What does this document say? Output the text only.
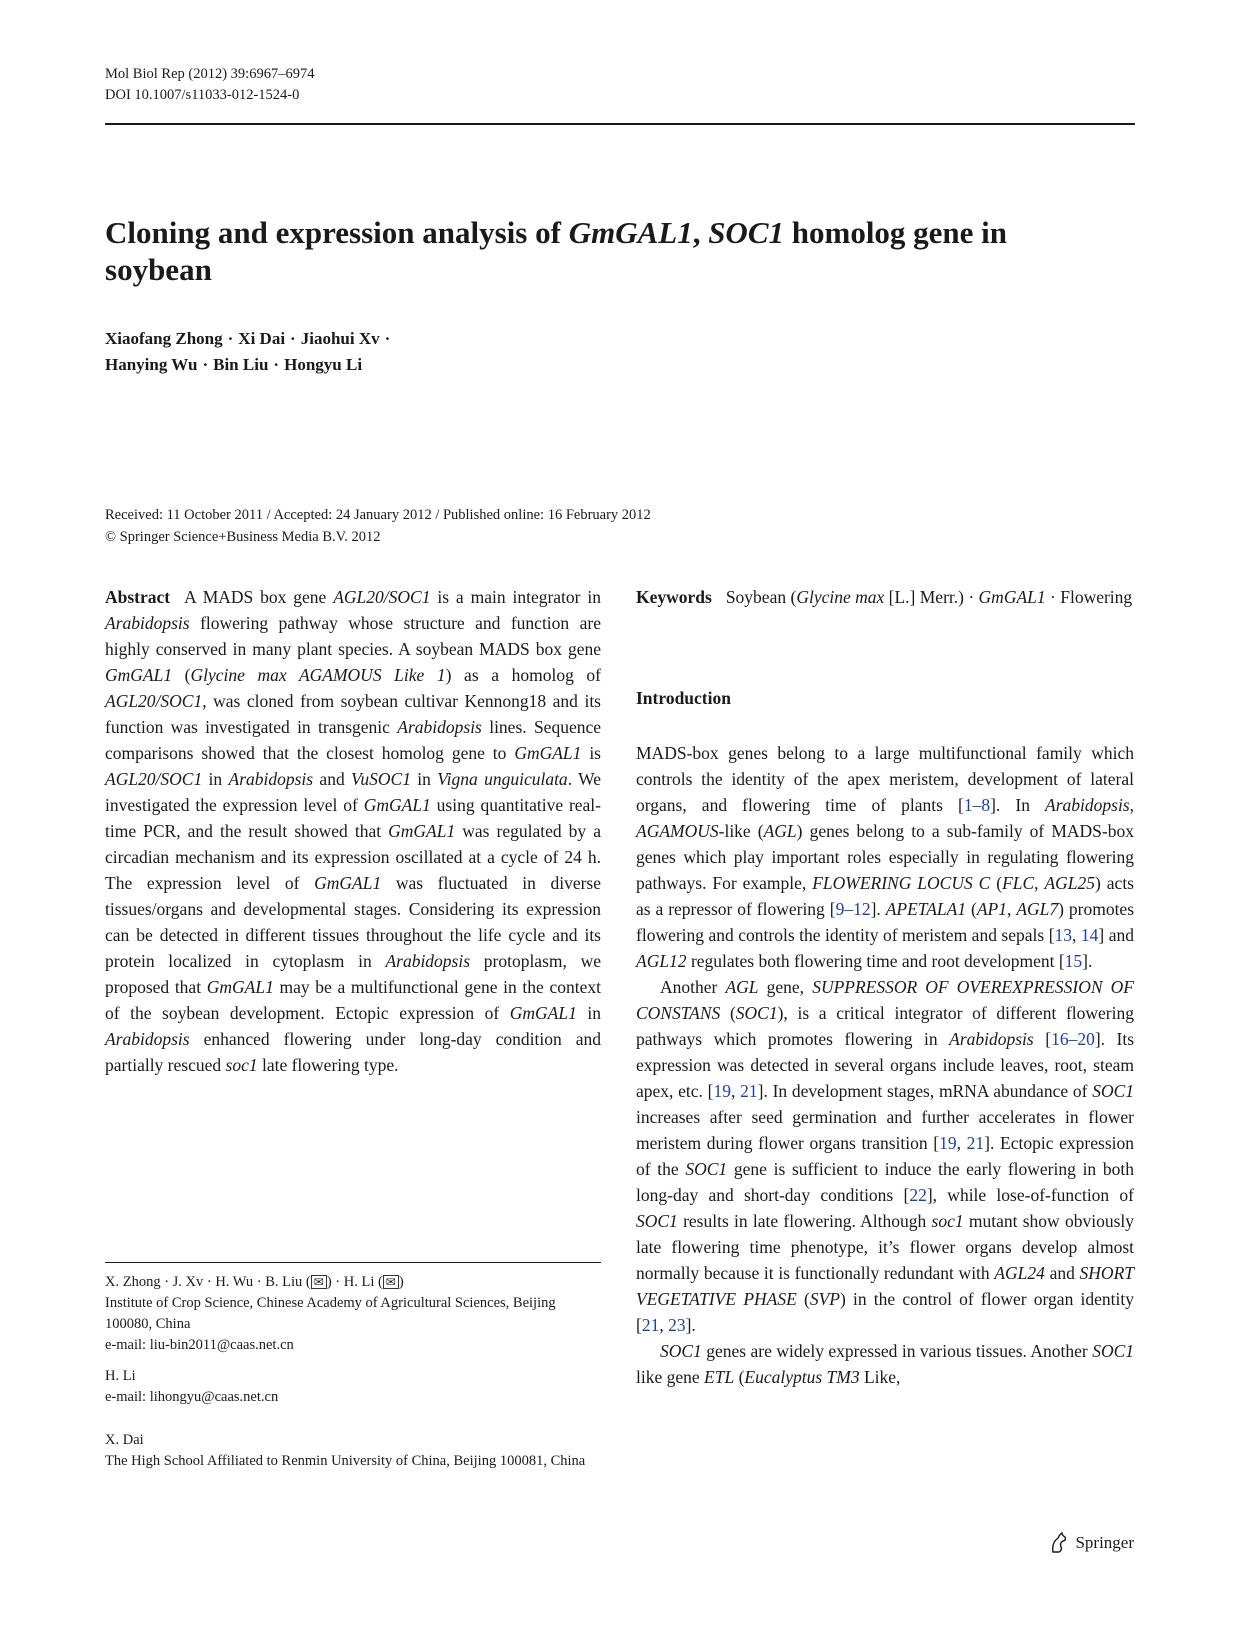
Mol Biol Rep (2012) 39:6967–6974
DOI 10.1007/s11033-012-1524-0
Cloning and expression analysis of GmGAL1, SOC1 homolog gene in soybean
Xiaofang Zhong · Xi Dai · Jiaohui Xv ·
Hanying Wu · Bin Liu · Hongyu Li
Received: 11 October 2011 / Accepted: 24 January 2012 / Published online: 16 February 2012
© Springer Science+Business Media B.V. 2012

Abstract A MADS box gene AGL20/SOC1 is a main integrator in Arabidopsis flowering pathway whose structure and function are highly conserved in many plant species. A soybean MADS box gene GmGAL1 (Glycine max AGAMOUS Like 1) as a homolog of AGL20/SOC1, was cloned from soybean cultivar Kennong18 and its function was investigated in transgenic Arabidopsis lines. Sequence comparisons showed that the closest homolog gene to GmGAL1 is AGL20/SOC1 in Arabidopsis and VuSOC1 in Vigna unguiculata. We investigated the expression level of GmGAL1 using quantitative real-time PCR, and the result showed that GmGAL1 was regulated by a circadian mechanism and its expression oscillated at a cycle of 24 h. The expression level of GmGAL1 was fluctuated in diverse tissues/organs and developmental stages. Considering its expression can be detected in different tissues throughout the life cycle and its protein localized in cytoplasm in Arabidopsis protoplasm, we proposed that GmGAL1 may be a multifunctional gene in the context of the soybean development. Ectopic expression of GmGAL1 in Arabidopsis enhanced flowering under long-day condition and partially rescued soc1 late flowering type.

X. Zhong · J. Xv · H. Wu · B. Liu ( ✉ ) · H. Li ( ✉ )
Institute of Crop Science, Chinese Academy of Agricultural Sciences, Beijing 100080, China
e-mail: liu-bin2011@caas.net.cn
H. Li
e-mail: lihongyu@caas.net.cn
X. Dai
The High School Affiliated to Renmin University of China, Beijing 100081, China

Keywords Soybean (Glycine max [L.] Merr.) · GmGAL1 · Flowering

Introduction

MADS-box genes belong to a large multifunctional family which controls the identity of the apex meristem, development of lateral organs, and flowering time of plants [1–8]. In Arabidopsis, AGAMOUS-like (AGL) genes belong to a sub-family of MADS-box genes which play important roles especially in regulating flowering pathways. For example, FLOWERING LOCUS C (FLC, AGL25) acts as a repressor of flowering [9–12]. APETALA1 (AP1, AGL7) promotes flowering and controls the identity of meristem and sepals [13, 14] and AGL12 regulates both flowering time and root development [15].

Another AGL gene, SUPPRESSOR OF OVEREXPRESSION OF CONSTANS (SOC1), is a critical integrator of different flowering pathways which promotes flowering in Arabidopsis [16–20]. Its expression was detected in several organs include leaves, root, steam apex, etc. [19, 21]. In development stages, mRNA abundance of SOC1 increases after seed germination and further accelerates in flower meristem during flower organs transition [19, 21]. Ectopic expression of the SOC1 gene is sufficient to induce the early flowering in both long-day and short-day conditions [22], while lose-of-function of SOC1 results in late flowering. Although soc1 mutant show obviously late flowering time phenotype, it’s flower organs develop almost normally because it is functionally redundant with AGL24 and SHORT VEGETATIVE PHASE (SVP) in the control of flower organ identity [21, 23].

SOC1 genes are widely expressed in various tissues. Another SOC1 like gene ETL (Eucalyptus TM3 Like,

Springer
